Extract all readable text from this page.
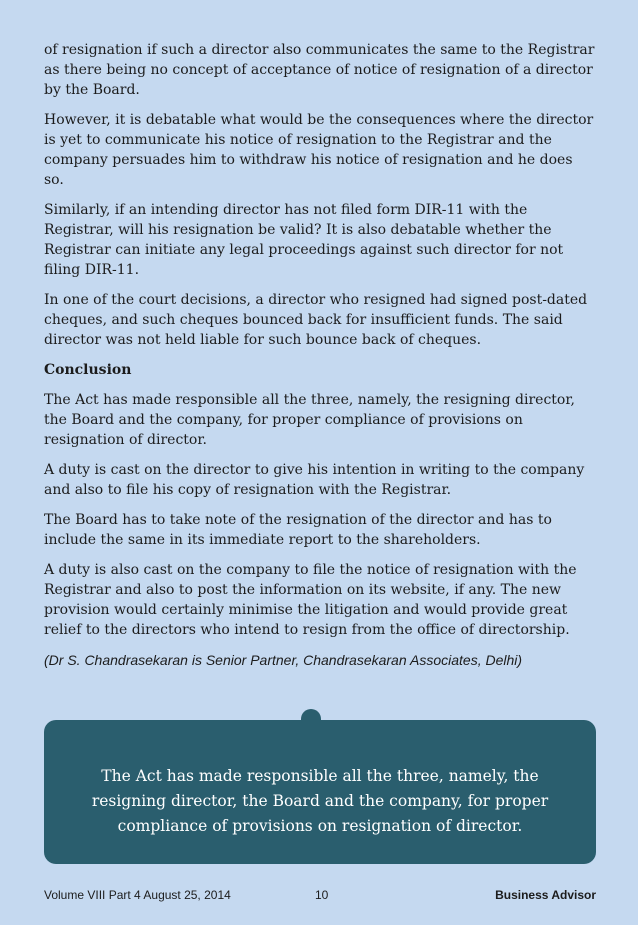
of resignation if such a director also communicates the same to the Registrar as there being no concept of acceptance of notice of resignation of a director by the Board.

However, it is debatable what would be the consequences where the director is yet to communicate his notice of resignation to the Registrar and the company persuades him to withdraw his notice of resignation and he does so.

Similarly, if an intending director has not filed form DIR-11 with the Registrar, will his resignation be valid? It is also debatable whether the Registrar can initiate any legal proceedings against such director for not filing DIR-11.

In one of the court decisions, a director who resigned had signed post-dated cheques, and such cheques bounced back for insufficient funds. The said director was not held liable for such bounce back of cheques.

Conclusion

The Act has made responsible all the three, namely, the resigning director, the Board and the company, for proper compliance of provisions on resignation of director.

A duty is cast on the director to give his intention in writing to the company and also to file his copy of resignation with the Registrar.

The Board has to take note of the resignation of the director and has to include the same in its immediate report to the shareholders.

A duty is also cast on the company to file the notice of resignation with the Registrar and also to post the information on its website, if any. The new provision would certainly minimise the litigation and would provide great relief to the directors who intend to resign from the office of directorship.

(Dr S. Chandrasekaran is Senior Partner, Chandrasekaran Associates, Delhi)

The Act has made responsible all the three, namely, the resigning director, the Board and the company, for proper compliance of provisions on resignation of director.
Volume VIII Part 4 August 25, 2014	10	Business Advisor
